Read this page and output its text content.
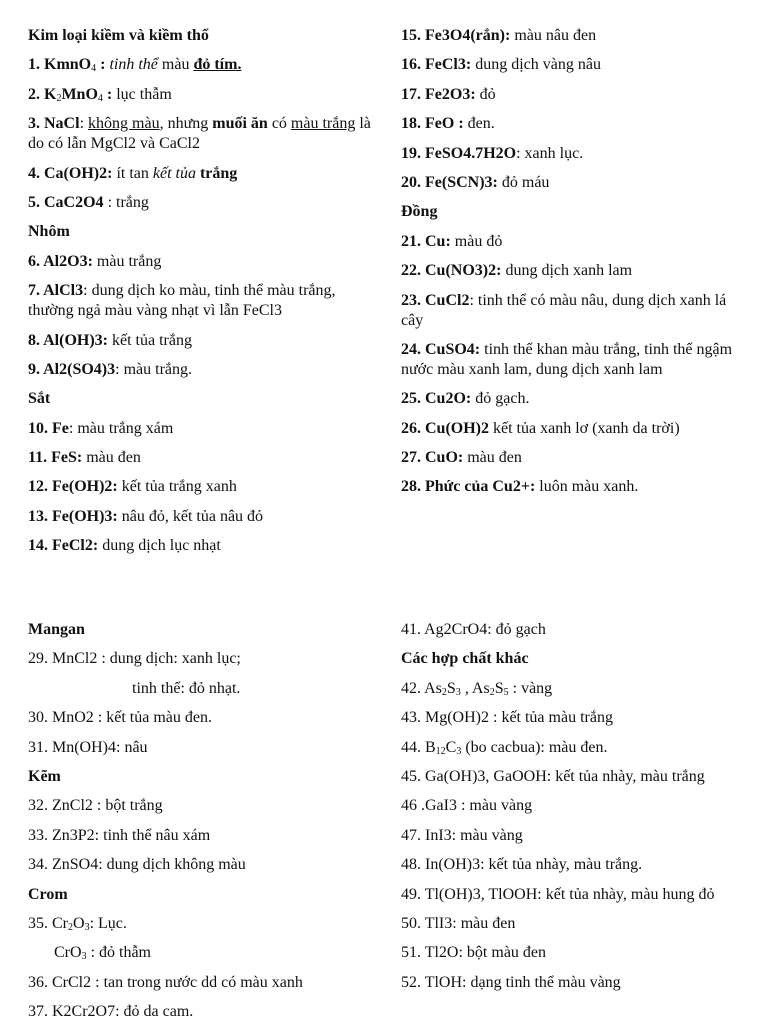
Kim loại kiềm và kiềm thổ
1. KmnO$_4$ : tinh thể màu đỏ tím.
2. $K_2MnO_4$ : lục thẫm
3. NaCl: không màu, nhưng muối ăn có màu trắng là do có lẫn MgCl2 và CaCl2
4. Ca(OH)2: ít tan kết tủa trắng
5. CaC2O4 : trắng
Nhôm
6. Al2O3: màu trắng
7. AlCl3: dung dịch ko màu, tinh thể màu trắng, thường ngả màu vàng nhạt vì lẫn FeCl3
8. Al(OH)3: kết tủa trắng
9. Al2(SO4)3: màu trắng.
Sắt
10. Fe: màu trắng xám
11. FeS: màu đen
12. Fe(OH)2: kết tủa trắng xanh
13. Fe(OH)3: nâu đỏ, kết tủa nâu đỏ
14. FeCl2: dung dịch lục nhạt
15. Fe3O4(rắn): màu nâu đen
16. FeCl3: dung dịch vàng nâu
17. Fe2O3: đỏ
18. FeO : đen.
19. FeSO4.7H2O: xanh lục.
20. Fe(SCN)3: đỏ máu
Đồng
21. Cu: màu đỏ
22. Cu(NO3)2: dung dịch xanh lam
23. CuCl2: tinh thể có màu nâu, dung dịch xanh lá cây
24. CuSO4: tinh thể khan màu trắng, tinh thể ngậm nước màu xanh lam, dung dịch xanh lam
25. Cu2O: đỏ gạch.
26. Cu(OH)2 kết tủa xanh lơ (xanh da trời)
27. CuO: màu đen
28. Phức của Cu2+: luôn màu xanh.
Mangan
29. MnCl2 : dung dịch: xanh lục;
tinh thể: đỏ nhạt.
30. MnO2 : kết tủa màu đen.
31. Mn(OH)4: nâu
Kẽm
32. ZnCl2 : bột trắng
33. Zn3P2: tinh thể nâu xám
34. ZnSO4: dung dịch không màu
Crom
35. $Cr_2O_3$: Lục.
CrO$_3$ : đỏ thẫm
36. CrCl2 : tan trong nước dd có màu xanh
37. K2Cr2O7: đỏ da cam.
41. Ag2CrO4: đỏ gạch
Các hợp chất khác
42. $As_2S_3$ , $As_2S_5$ : vàng
43. Mg(OH)2 : kết tủa màu trắng
44. $B_{12}C_3$ (bo cacbua): màu đen.
45. Ga(OH)3, GaOOH: kết tủa nhày, màu trắng
46 .GaI3 : màu vàng
47. InI3: màu vàng
48. In(OH)3: kết tủa nhày, màu trắng.
49. Tl(OH)3, TlOOH: kết tủa nhày, màu hung đỏ
50. TlI3: màu đen
51. Tl2O: bột màu đen
52. TlOH: dạng tinh thể màu vàng
